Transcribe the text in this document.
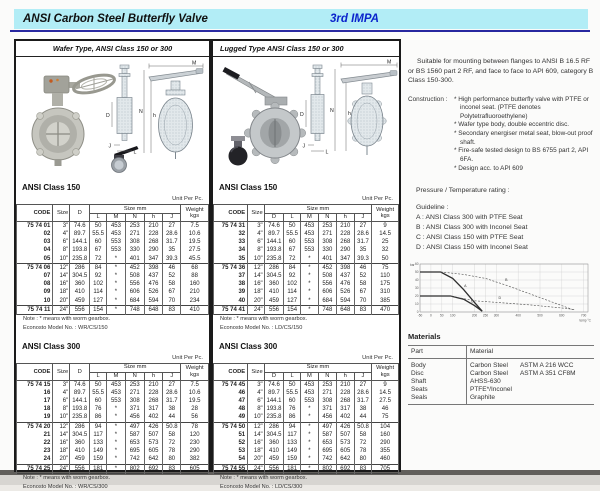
ANSI Carbon Steel Butterfly Valve	3rd IMPA
Wafer Type, ANSI Class 150 or 300
D
J
L
M
N
h
ANSI Class 150
Unit Per Pc.
CODE	Size	D	Size mm					Weight
kgs
			L	M	N	h	J	
75 74 01	3"	74.6	50	453	253	210	27	7.5
02	4"	89.7	55.5	453	271	228	28.6	10.6
03	6"	144.1	60	553	308	268	31.7	19.5
04	8"	193.8	67	553	330	290	35	27.5
05	10"	235.8	72	*	401	347	39.3	45.5
75 74 06	12"	286	84	*	452	398	46	68
07	14"	304.5	92	*	508	437	52	88
08	16"	360	102	*	556	476	58	160
09	18"	410	114	*	606	526	67	210
10	20"	459	127	*	684	594	70	234
75 74 11	24"	556	154	*	748	648	83	410
Note : * means with worm gearbox.
Econosto Model No. : WR/CS/150
ANSI Class 300
Unit Per Pc.
CODE	Size	D	Size mm					Weight
kgs
			L	M	N	h	J	
75 74 15	3"	74.6	50	453	253	210	27	7.5
16	4"	89.7	55.5	453	271	228	28.6	10.6
17	6"	144.1	60	553	308	268	31.7	19.5
18	8"	193.8	76	*	371	317	38	28
19	10"	235.8	86	*	456	402	44	56
75 74 20	12"	286	94	*	497	426	50.8	78
21	14"	304.5	117	*	587	507	58	120
22	16"	360	133	*	653	573	72	230
23	18"	410	149	*	695	605	78	290
24	20"	459	159	*	742	642	80	382
75 74 25	24"	556	181	*	802	692	83	605
Note : * means with worm gearbox.
Econosto Model No. : WR/CS/300
Lugged Type ANSI Class 150 or 300
D
J
L
M
N	h
ANSI Class 150
Unit Per Pc.
CODE	Size	Size mm						Weight
kgs
		D	L	M	N	h	J	
75 74 31	3"	74.6	50	453	253	210	27	9
32	4"	89.7	55.5	453	271	228	28.6	14.5
33	6"	144.1	60	553	308	268	31.7	25
34	8"	193.8	67	553	330	290	35	32
35	10"	235.8	72	*	401	347	39.3	50
75 74 36	12"	286	84	*	452	398	46	75
37	14"	304.5	92	*	508	437	52	110
38	16"	360	102	*	556	476	58	175
39	18"	410	114	*	606	526	67	310
40	20"	459	127	*	684	594	70	385
75 74 41	24"	556	154	*	748	648	83	470
Note : * means with worm gearbox.
Econosto Model No. : LD/CS/150
ANSI Class 300
Unit Per Pc.
CODE	Size	Size mm						Weight
kgs
		D	L	M	N	h	J	
75 74 45	3"	74.6	50	453	253	210	27	9
46	4"	89.7	55.5	453	271	228	28.6	14.5
47	6"	144.1	60	553	308	268	31.7	27.5
48	8"	193.8	76	*	371	317	38	46
49	10"	235.8	86	*	456	402	44	75
75 74 50	12"	286	94	*	497	426	50.8	104
51	14"	304.5	117	*	587	507	58	160
52	16"	360	133	*	653	573	72	290
53	18"	410	149	*	695	605	78	355
54	20"	459	159	*	742	642	80	460
75 74 55	24"	556	181	*	802	692	83	705
Note : * means with worm gearbox.
Econosto Model No. : LD/CS/300

Suitable for mounting between flanges to ANSI B 16.5 RF or BS 1560 part 2 RF, and face to face to API 609, category B Class 150-300.

Construction :	* High performance butterfly valve with PTFE or inconel seat. (PTFE denotes Polytetrafluoroethylene)
* Wafer type body, double eccentric disc.
* Secondary energiser metal seat, blow-out proof shaft.
* Fire-safe tested design to BS 6755 part 2, API 6FA.
* Design acc. to API 609
Pressure / Temperature rating :
Guideline :
A : ANSI Class 300 with PTFE Seat
B : ANSI Class 300 with Inconel Seat
C : ANSI Class 150 with PTFE Seat
D : ANSI Class 150 with Inconel Seat
0
10
20
30
40
50
60
-50 0	50 100	200 250 300	400	500	600	700
A
B
C
D
bar
temp °C
Materials
Part	Material
Body	Carbon Steel ASTM A 216 WCC
Disc	Carbon Steel ASTM A 351 CF8M
Shaft	AHSS-630
Seats	PTFE*/Inconel
Seals	Graphite
